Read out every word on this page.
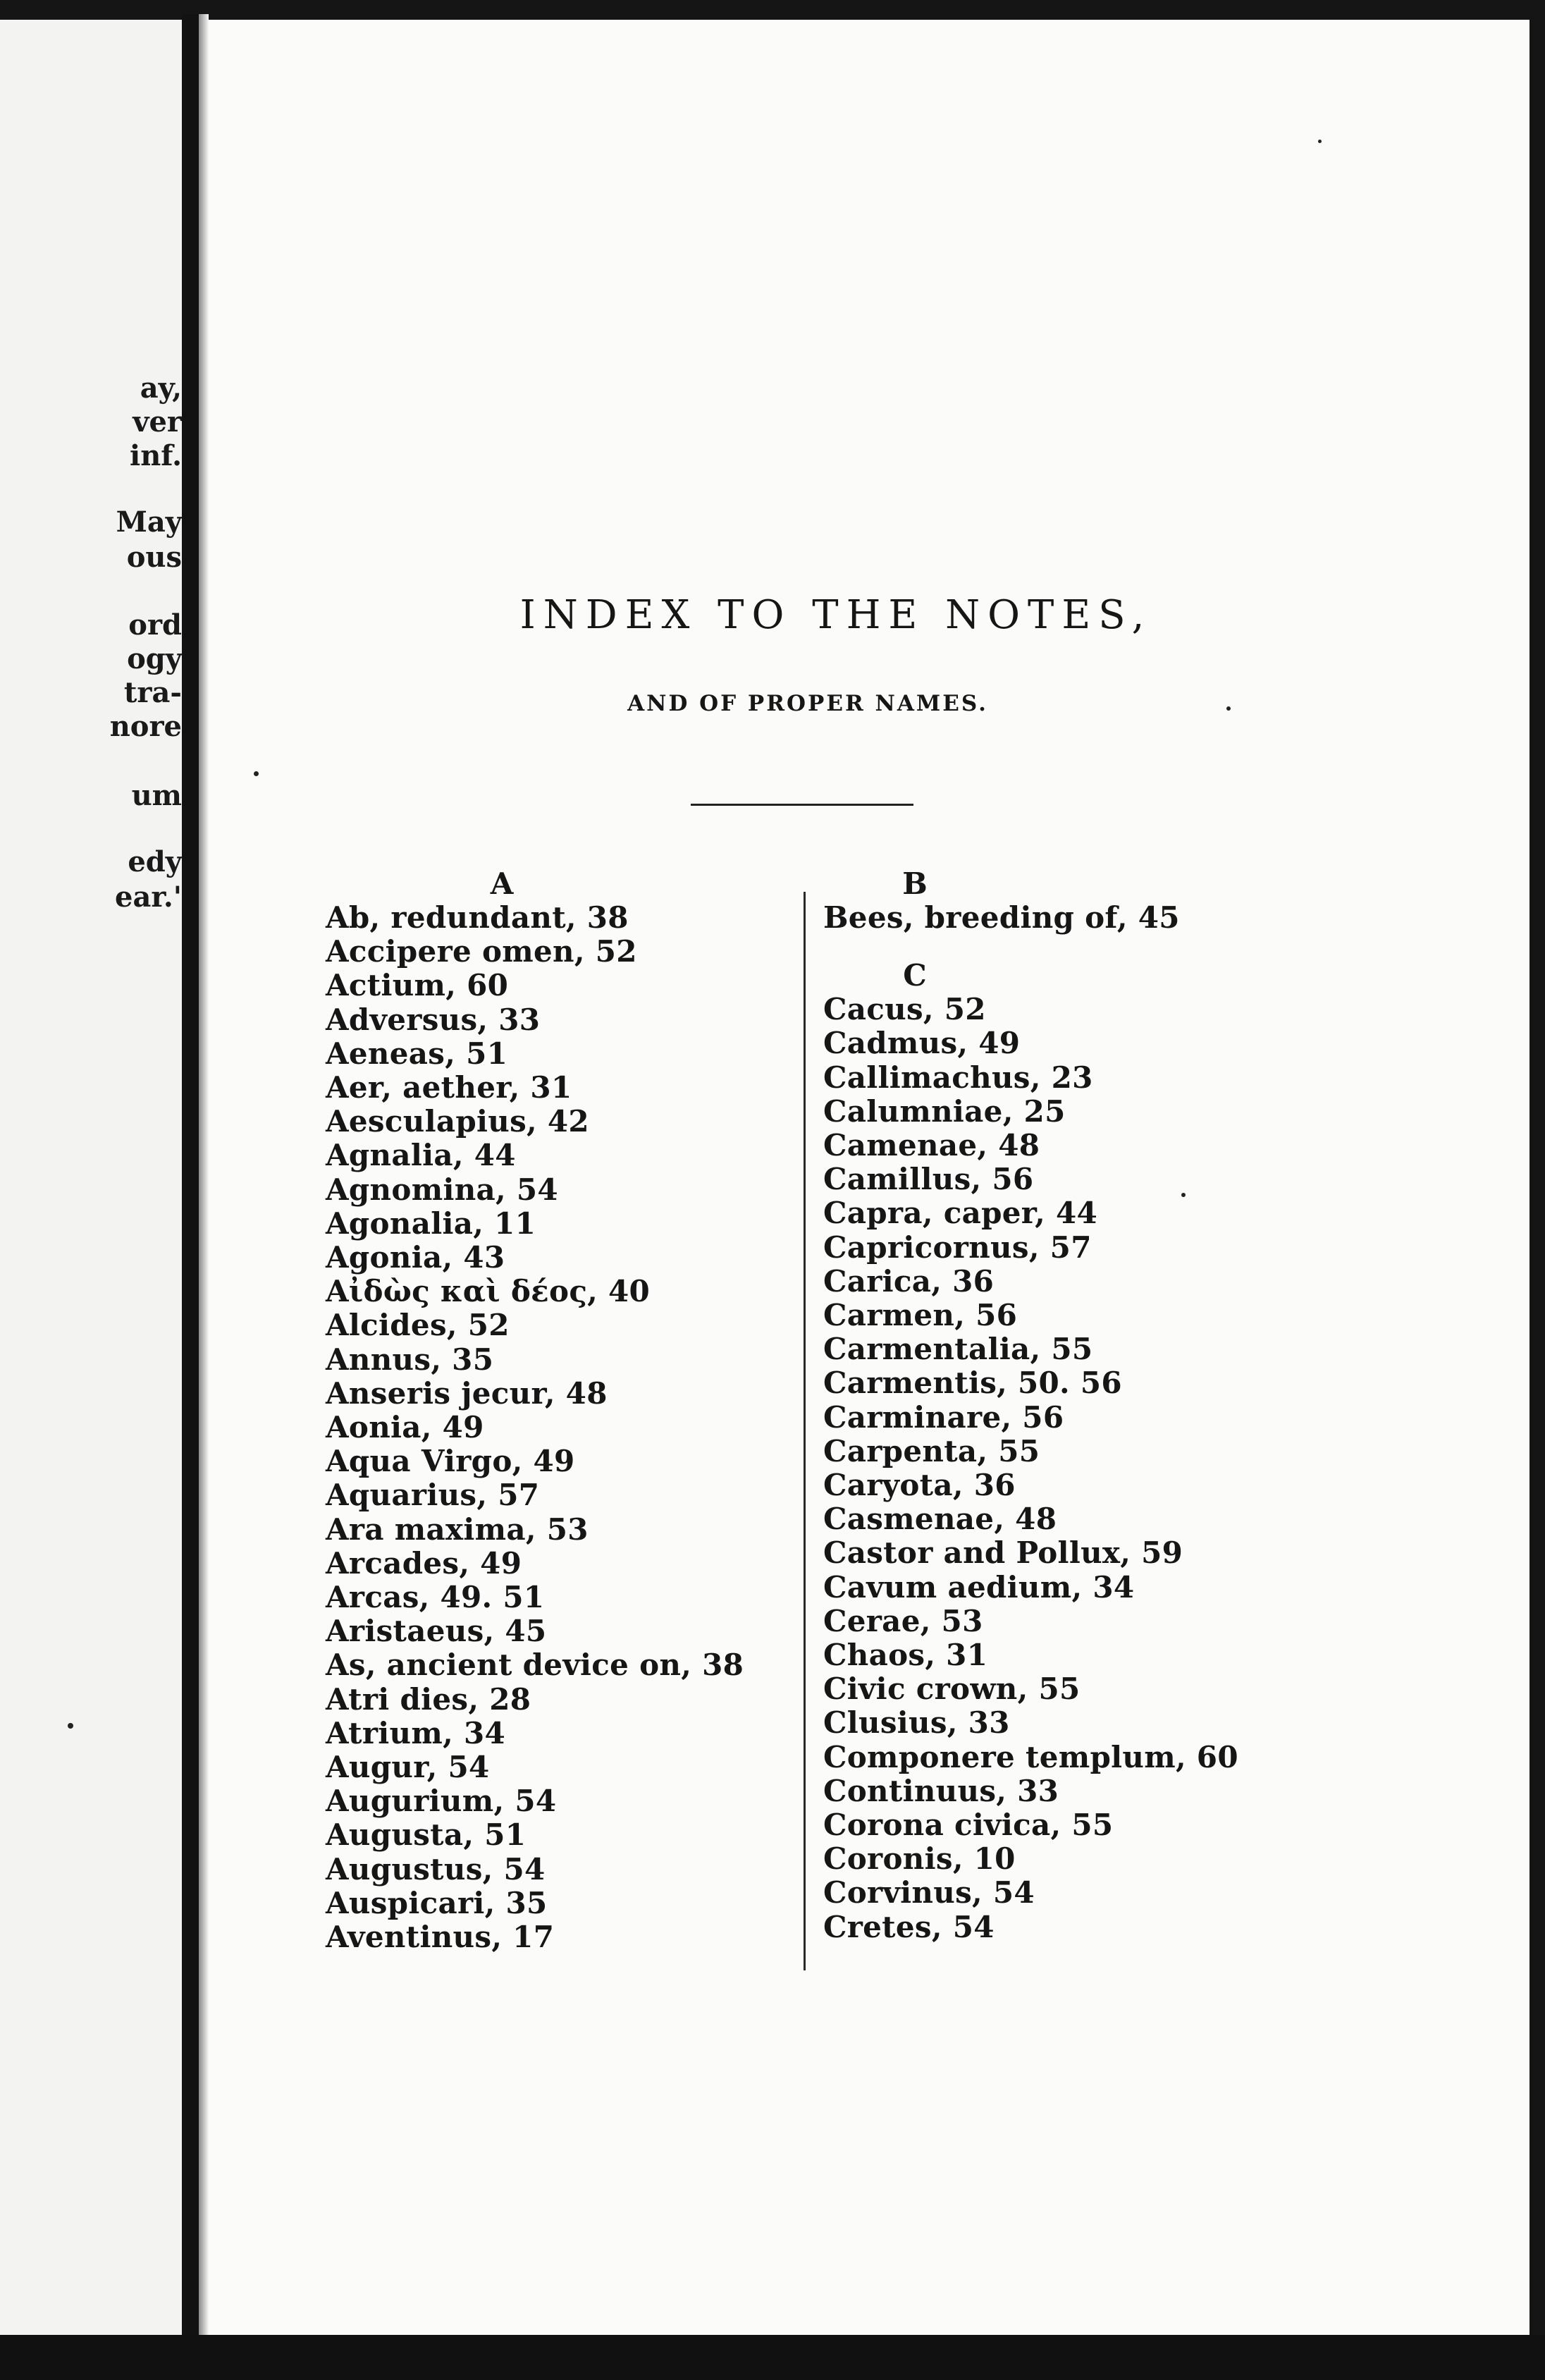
ay,
ver
inf.
May
ous
ord
ogy
tra-
nore
um
edy
ear.'
INDEX TO THE NOTES,
AND OF PROPER NAMES.
A
Ab, redundant, 38
Accipere omen, 52
Actium, 60
Adversus, 33
Aeneas, 51
Aer, aether, 31
Aesculapius, 42
Agnalia, 44
Agnomina, 54
Agonalia, 11
Agonia, 43
Αἰδὼς καὶ δέος, 40
Alcides, 52
Annus, 35
Anseris jecur, 48
Aonia, 49
Aqua Virgo, 49
Aquarius, 57
Ara maxima, 53
Arcades, 49
Arcas, 49. 51
Aristaeus, 45
As, ancient device on, 38
Atri dies, 28
Atrium, 34
Augur, 54
Augurium, 54
Augusta, 51
Augustus, 54
Auspicari, 35
Aventinus, 17
B
Bees, breeding of, 45
C
Cacus, 52
Cadmus, 49
Callimachus, 23
Calumniae, 25
Camenae, 48
Camillus, 56
Capra, caper, 44
Capricornus, 57
Carica, 36
Carmen, 56
Carmentalia, 55
Carmentis, 50. 56
Carminare, 56
Carpenta, 55
Caryota, 36
Casmenae, 48
Castor and Pollux, 59
Cavum aedium, 34
Cerae, 53
Chaos, 31
Civic crown, 55
Clusius, 33
Componere templum, 60
Continuus, 33
Corona civica, 55
Coronis, 10
Corvinus, 54
Cretes, 54
